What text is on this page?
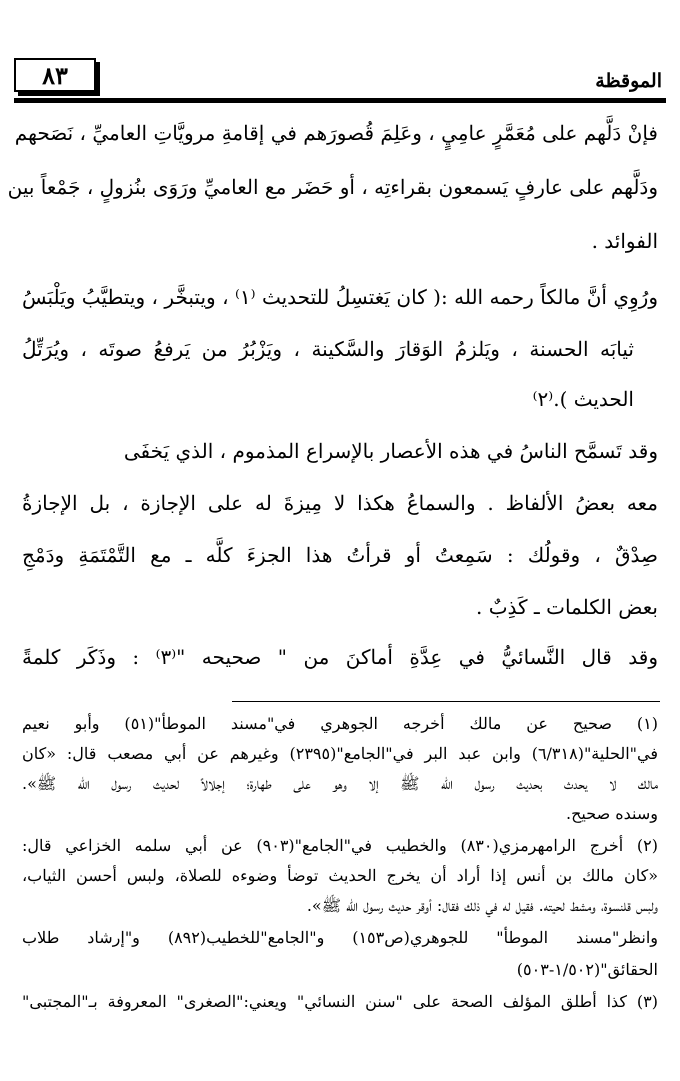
٨٣	الموقظة
فإنْ دَلَّهم على مُعَمَّرٍ عامِيٍ ، وعَلِمَ قُصورَهم في إقامةِ مرويَّاتِ العاميِّ ، نَصَحهم
ودَلَّهم على عارفٍ يَسمعون بقراءتِه ، أو حَضَر مع العاميِّ ورَوَى بنُزولٍ ، جَمْعاً بين
الفوائد .
ورُوِي أنَّ مالكاً رحمه الله :( كان يَغتسِلُ للتحديث ⁽١⁾ ، ويتبخَّر ، ويتطيَّبُ ويَلْبَسُ
ثيابَه الحسنة ، ويَلزمُ الوَقارَ والسَّكينة ، ويَزْبُرُ من يَرفعُ صوتَه ، ويُرَتِّلُ
الحديث ).⁽٢⁾
وقد تَسمَّح الناسُ في هذه الأعصار بالإسراع المذموم ، الذي يَخفَى
معه بعضُ الألفاظ . والسماعُ هكذا لا مِيزةَ له على الإجازة ، بل الإجازةُ
صِدْقٌ ، وقولُك : سَمِعتُ أو قرأتُ هذا الجزءَ كلَّه ـ مع التَّمْتَمَةِ ودَمْجِ
بعض الكلمات ـ كَذِبٌ .
وقد قال النَّسائيُّ في عِدَّةِ أماكنَ من " صحيحه "⁽٣⁾ : وذَكَر كلمةً
(١) صحيح عن مالك أخرجه الجوهري في"مسند الموطأ"(٥١) وأبو نعيم
في"الحلية"(٦/٣١٨) وابن عبد البر في"الجامع"(٢٣٩٥) وغيرهم عن أبي مصعب قال: «كان
مالك لا يحدث بحديث رسول الله ﷺ إلا وهو على طهارة؛ إجلالاً لحديث رسول الله ﷺ».
وسنده صحيح.
(٢) أخرج الرامهرمزي(٨٣٠) والخطيب في"الجامع"(٩٠٣) عن أبي سلمه الخزاعي قال:
«كان مالك بن أنس إذا أراد أن يخرج الحديث توضأ وضوءه للصلاة، ولبس أحسن الثياب،
ولبس قلنسوة، ومشط لحيته. فقيل له في ذلك فقال: أوقر حديث رسول الله ﷺ».
وانظر"مسند الموطأ" للجوهري(ص١٥٣) و"الجامع"للخطيب(٨٩٢) و"إرشاد طلاب
الحقائق"(١/٥٠٢-٥٠٣)
(٣) كذا أطلق المؤلف الصحة على "سنن النسائي" ويعني:"الصغرى" المعروفة بـ"المجتبى"
